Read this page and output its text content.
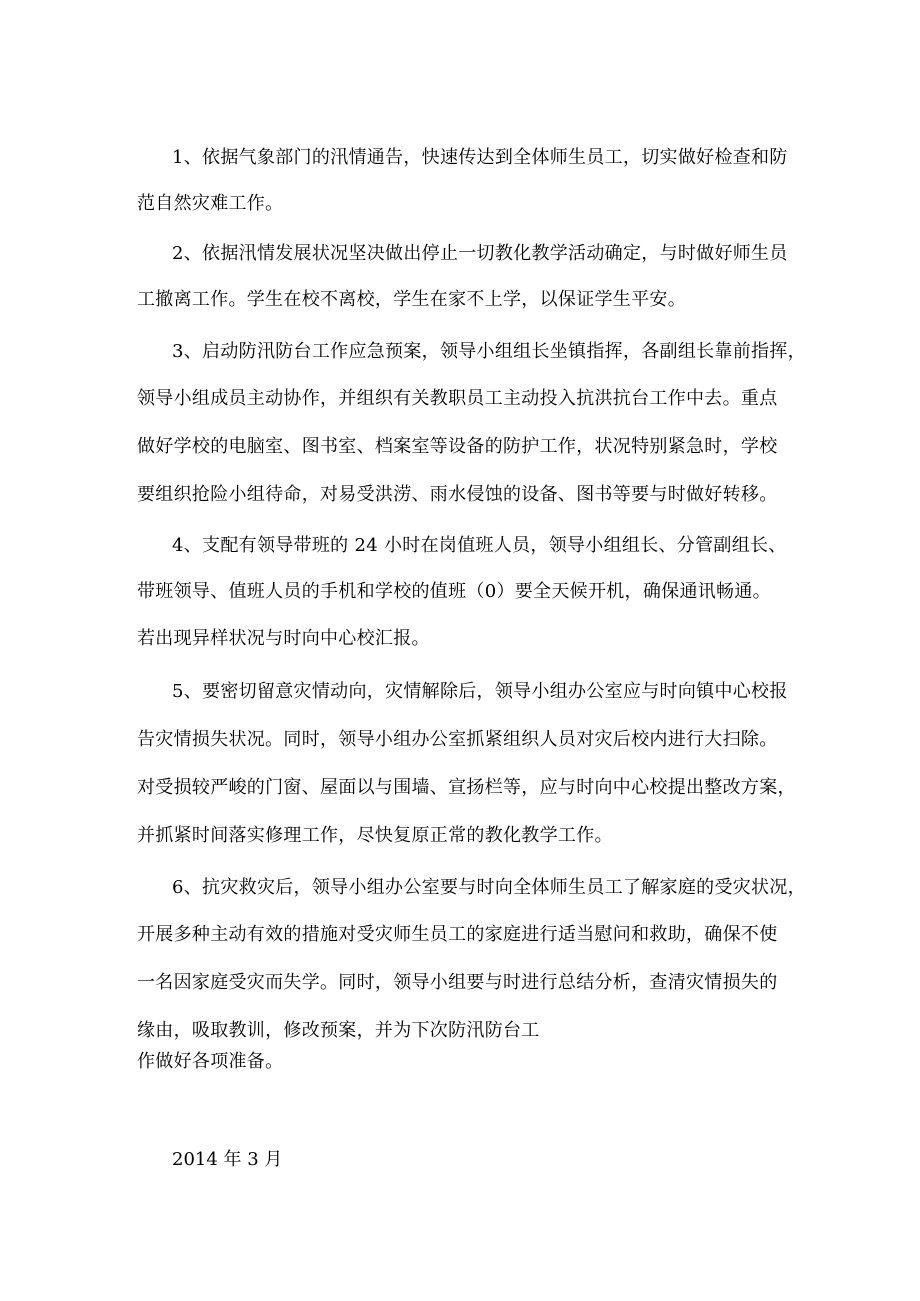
1、依据气象部门的汛情通告，快速传达到全体师生员工，切实做好检查和防
范自然灾难工作。
2、依据汛情发展状况坚决做出停止一切教化教学活动确定，与时做好师生员
工撤离工作。学生在校不离校，学生在家不上学，以保证学生平安。
3、启动防汛防台工作应急预案，领导小组组长坐镇指挥，各副组长靠前指挥，
领导小组成员主动协作，并组织有关教职员工主动投入抗洪抗台工作中去。重点
做好学校的电脑室、图书室、档案室等设备的防护工作，状况特别紧急时，学校
要组织抢险小组待命，对易受洪涝、雨水侵蚀的设备、图书等要与时做好转移。
4、支配有领导带班的 24 小时在岗值班人员，领导小组组长、分管副组长、
带班领导、值班人员的手机和学校的值班（0）要全天候开机，确保通讯畅通。
若出现异样状况与时向中心校汇报。
5、要密切留意灾情动向，灾情解除后，领导小组办公室应与时向镇中心校报
告灾情损失状况。同时，领导小组办公室抓紧组织人员对灾后校内进行大扫除。
对受损较严峻的门窗、屋面以与围墙、宣扬栏等，应与时向中心校提出整改方案，
并抓紧时间落实修理工作，尽快复原正常的教化教学工作。
6、抗灾救灾后，领导小组办公室要与时向全体师生员工了解家庭的受灾状况，
开展多种主动有效的措施对受灾师生员工的家庭进行适当慰问和救助，确保不使
一名因家庭受灾而失学。同时，领导小组要与时进行总结分析，查清灾情损失的
缘由，吸取教训，修改预案，并为下次防汛防台工
作做好各项准备。
2014 年 3 月
